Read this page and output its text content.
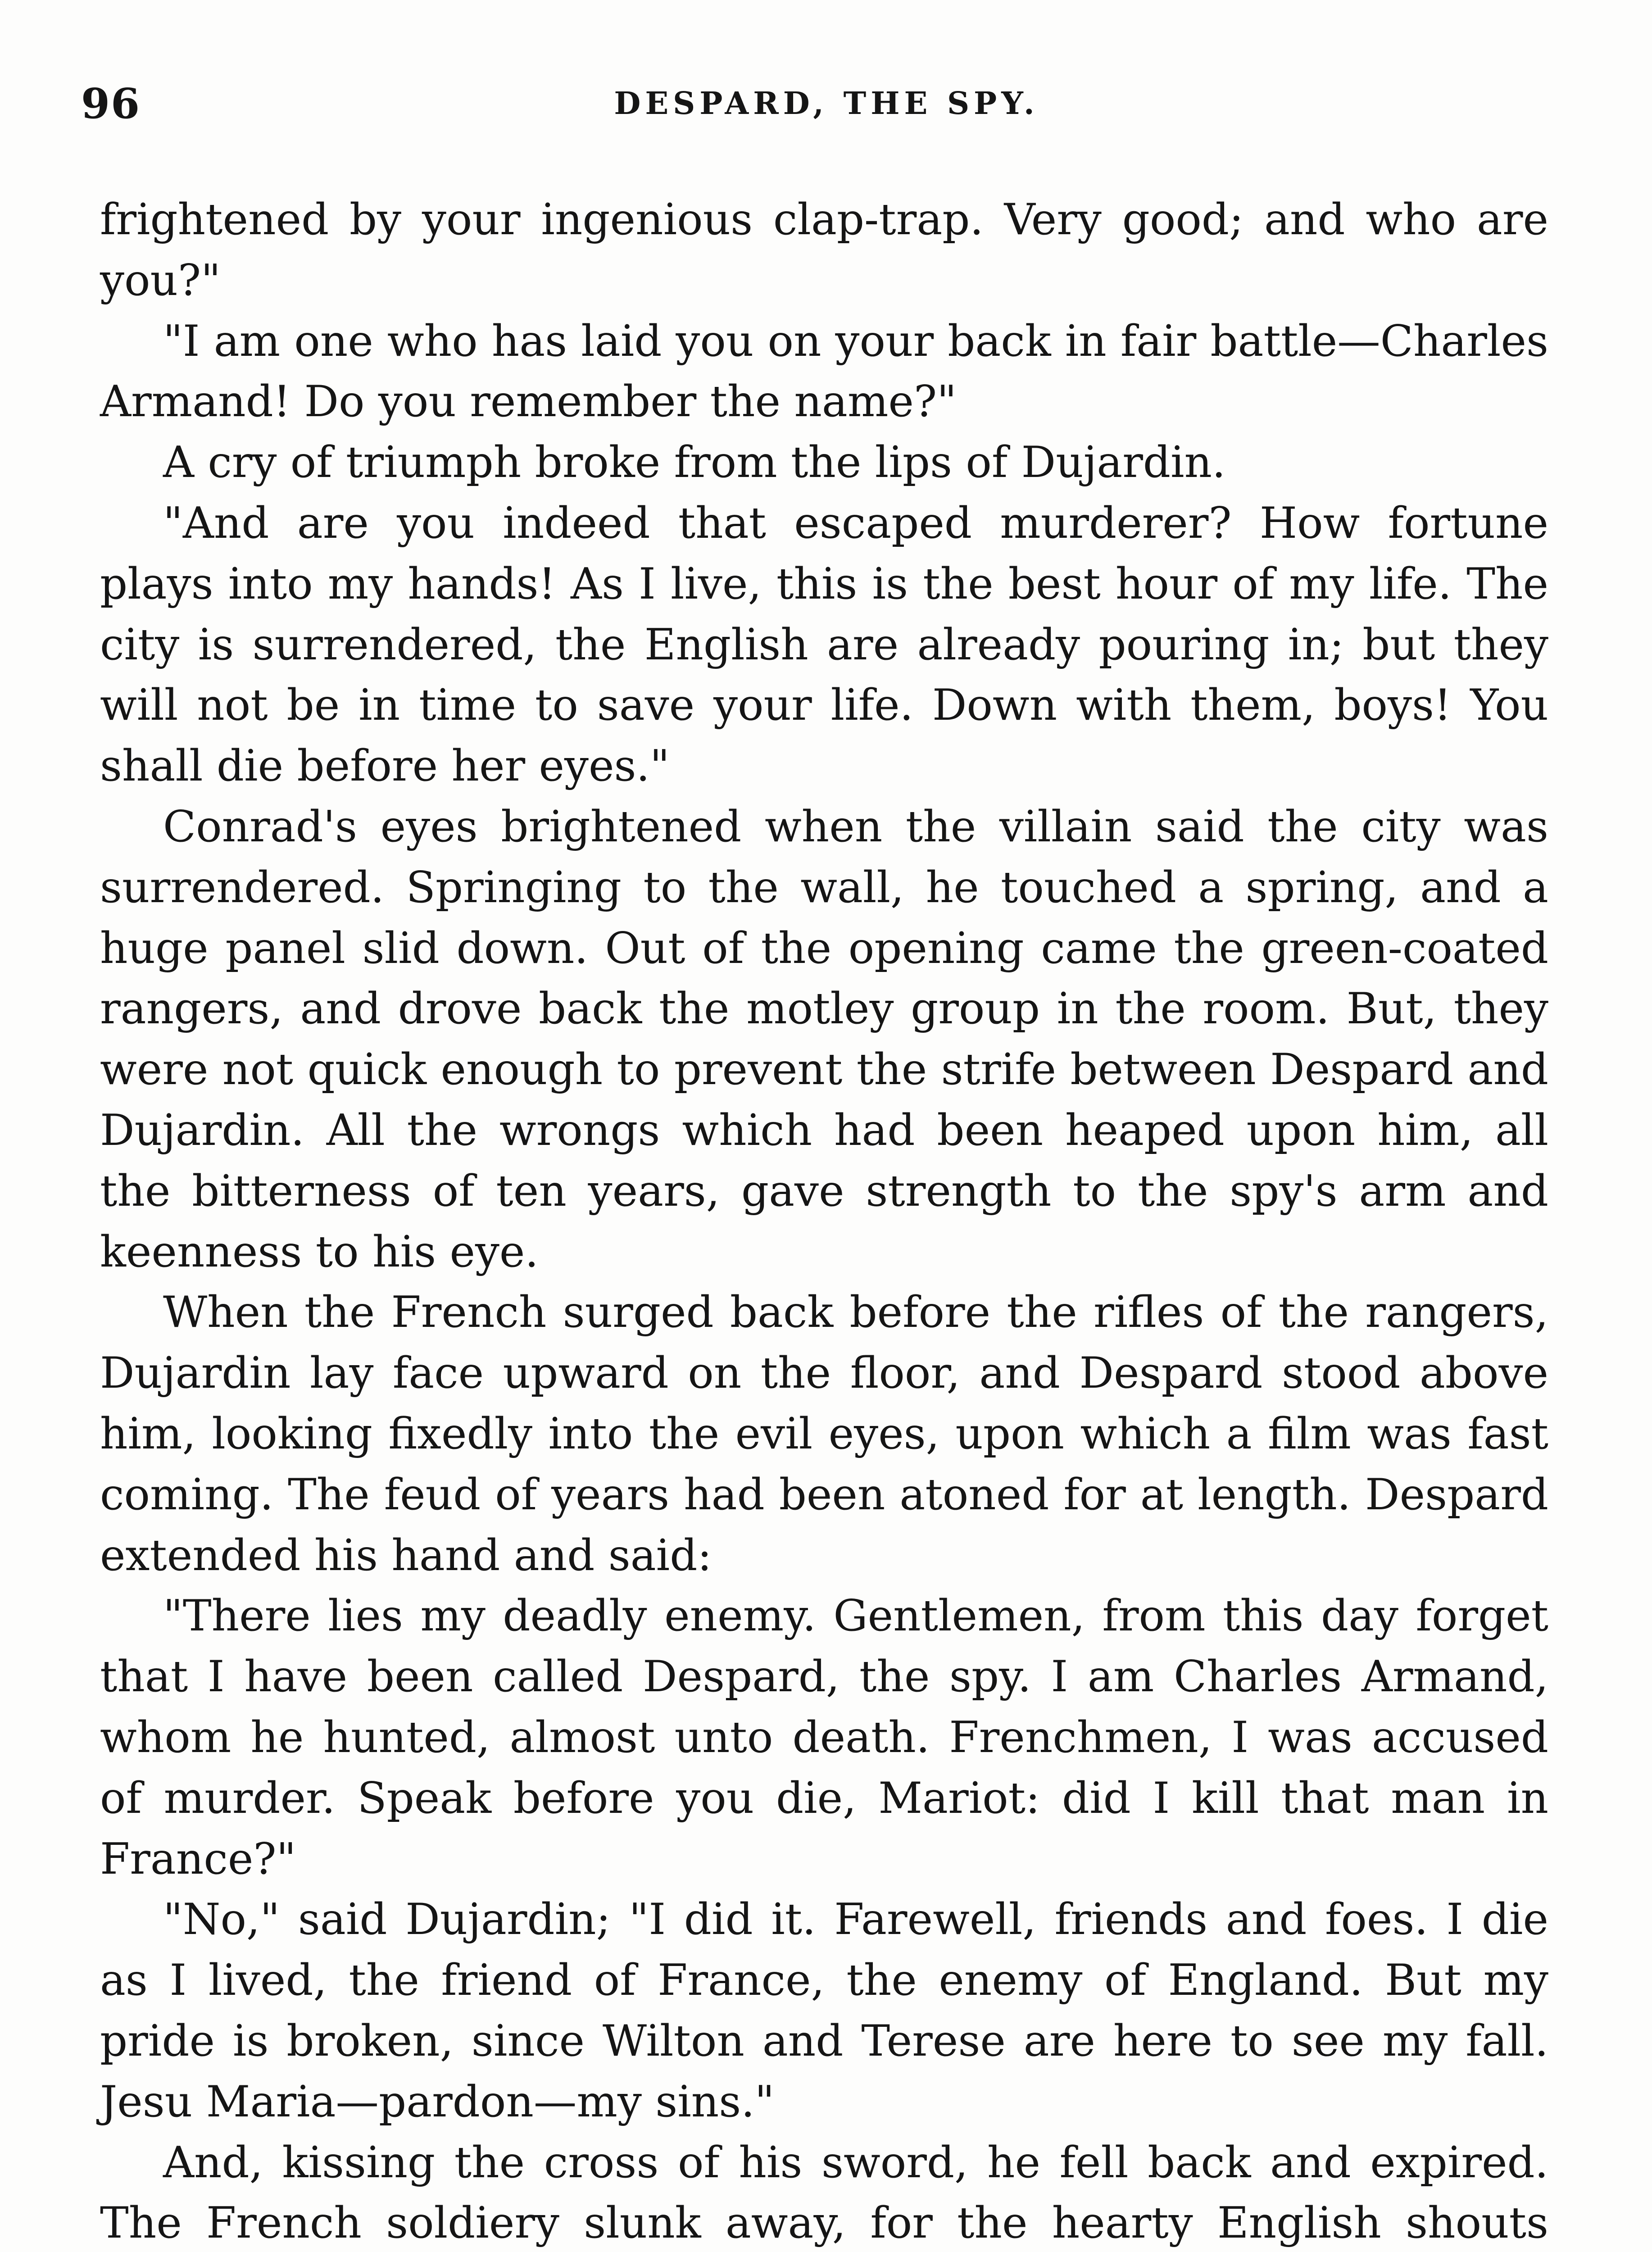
96	DESPARD, THE SPY.

frightened by your ingenious clap-trap. Very good; and who are you?"

"I am one who has laid you on your back in fair battle—Charles Armand! Do you remember the name?"

A cry of triumph broke from the lips of Dujardin.

"And are you indeed that escaped murderer? How fortune plays into my hands! As I live, this is the best hour of my life. The city is surrendered, the English are already pouring in; but they will not be in time to save your life. Down with them, boys! You shall die before her eyes."

Conrad's eyes brightened when the villain said the city was surrendered. Springing to the wall, he touched a spring, and a huge panel slid down. Out of the opening came the green-coated rangers, and drove back the motley group in the room. But, they were not quick enough to prevent the strife between Despard and Dujardin. All the wrongs which had been heaped upon him, all the bitterness of ten years, gave strength to the spy's arm and keenness to his eye.

When the French surged back before the rifles of the rangers, Dujardin lay face upward on the floor, and Despard stood above him, looking fixedly into the evil eyes, upon which a film was fast coming. The feud of years had been atoned for at length. Despard extended his hand and said:

"There lies my deadly enemy. Gentlemen, from this day forget that I have been called Despard, the spy. I am Charles Armand, whom he hunted, almost unto death. Frenchmen, I was accused of murder. Speak before you die, Mariot: did I kill that man in France?"

"No," said Dujardin; "I did it. Farewell, friends and foes. I die as I lived, the friend of France, the enemy of England. But my pride is broken, since Wilton and Terese are here to see my fall. Jesu Maria—pardon—my sins."

And, kissing the cross of his sword, he fell back and expired. The French soldiery slunk away, for the hearty English shouts
